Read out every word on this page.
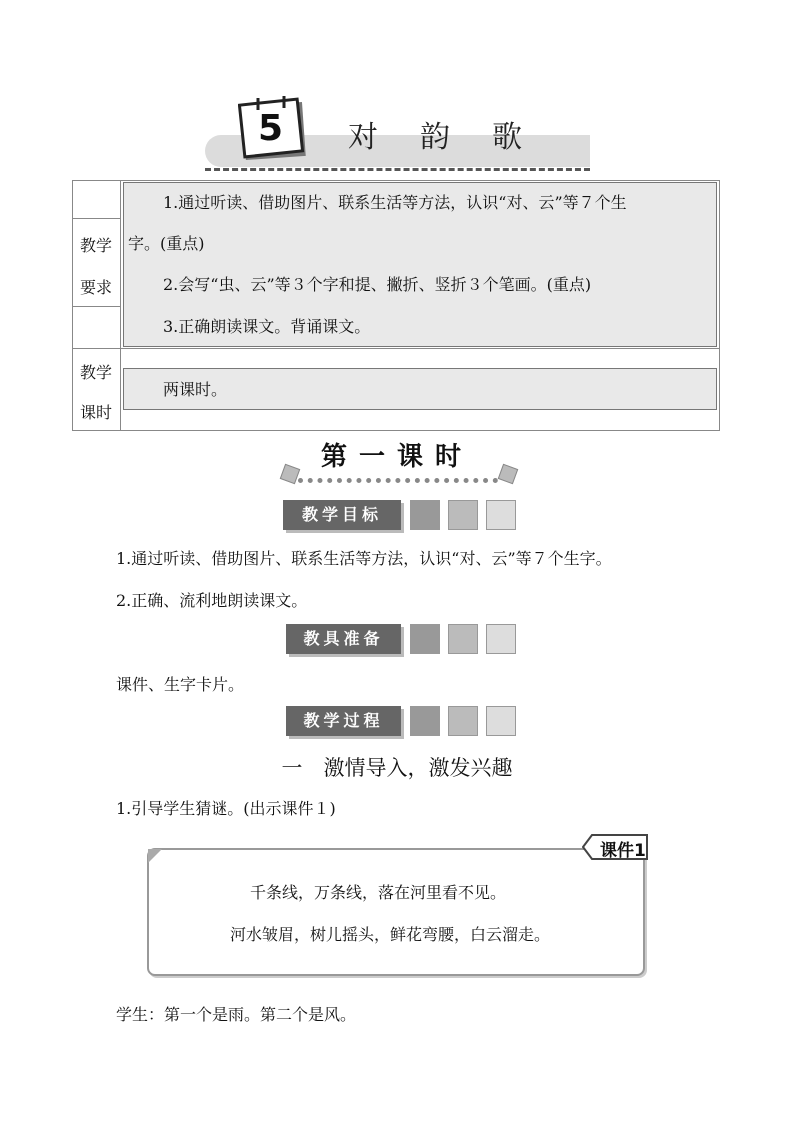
5 对韵歌
教学
要求
1.通过听读、借助图片、联系生活等方法，认识“对、云”等７个生
字。(重点)
2.会写“虫、云”等３个字和提、撇折、竖折３个笔画。(重点)
3.正确朗读课文。背诵课文。
教学
课时
两课时。
第一课时
教学目标
1.通过听读、借助图片、联系生活等方法，认识“对、云”等７个生字。
2.正确、流利地朗读课文。
教具准备
课件、生字卡片。
教学过程
一　激情导入，激发兴趣
1.引导学生猜谜。(出示课件１)
课件1
千条线，万条线，落在河里看不见。
河水皱眉，树儿摇头，鲜花弯腰，白云溜走。
学生：第一个是雨。第二个是风。
